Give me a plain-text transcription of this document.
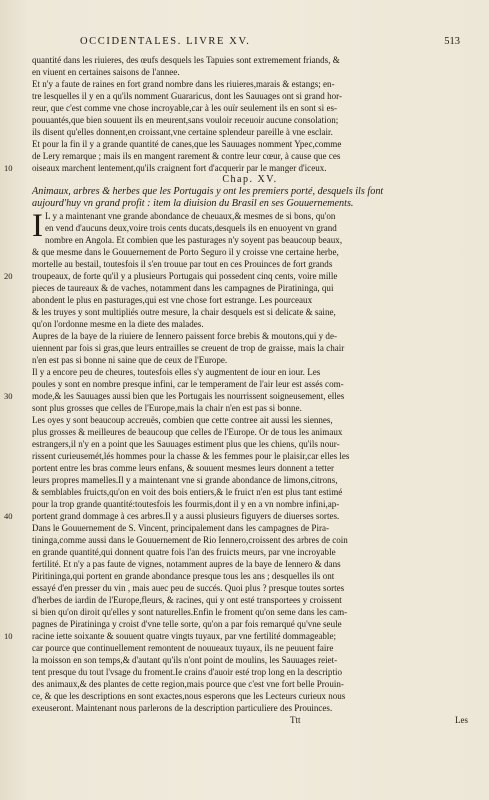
OCCIDENTALES. LIVRE XV.	513
quantité dans les riuieres, des œufs desquels les Tapuies sont extremement friands, &
en viuent en certaines saisons de l'annee.
Et n'y a faute de raines en fort grand nombre dans les riuieres,marais & estangs; en-
tre lesquelles il y en a qu'ils nomment Guararicus, dont les Sauuages ont si grand hor-
reur, que c'est comme vne chose incroyable,car à les ouïr seulement ils en sont si es-
pouuantés,que bien souuent ils en meurent,sans vouloir receuoir aucune consolation;
ils disent qu'elles donnent,en croissant,vne certaine splendeur pareille à vne esclair.
Et pour la fin il y a grande quantité de canes,que les Sauuages nomment Ypec,comme
de Lery remarque ; mais ils en mangent rarement & contre leur cœur, à cause que ces
10 oiseaux marchent lentement,qu'ils craignent fort d'acquerir par le manger d'iceux.
Chap. XV.
Animaux, arbres & herbes que les Portugais y ont les premiers porté, desquels ils font
aujourd'huy vn grand profit : item la diuision du Brasil en ses Gouuernements.
I L y a maintenant vne grande abondance de cheuaux,& mesmes de si bons, qu'on
en vend d'aucuns deux,voire trois cents ducats,desquels ils en enuoyent vn grand
nombre en Angola. Et combien que les pasturages n'y soyent pas beaucoup beaux,
& que mesme dans le Gouuernement de Porto Seguro il y croisse vne certaine herbe,
mortelle au bestail, toutesfois il s'en trouue par tout en ces Prouinces de fort grands
20 troupeaux, de forte qu'il y a plusieurs Portugais qui possedent cinq cents, voire mille
pieces de taureaux & de vaches, notamment dans les campagnes de Piratininga, qui
abondent le plus en pasturages,qui est vne chose fort estrange. Les pourceaux
& les truyes y sont multipliés outre mesure, la chair desquels est si delicate & saine,
qu'on l'ordonne mesme en la diete des malades.
Aupres de la baye de la riuiere de Iennero paissent force brebis & moutons,qui y de-
uiennent par fois si gras,que leurs entrailles se creuent de trop de graisse, mais la chair
n'en est pas si bonne ni saine que de ceux de l'Europe.
Il y a encore peu de cheures, toutesfois elles s'y augmentent de iour en iour. Les
poules y sont en nombre presque infini, car le temperament de l'air leur est assés com-
30 mode,& les Sauuages aussi bien que les Portugais les nourrissent soigneusement, elles
sont plus grosses que celles de l'Europe,mais la chair n'en est pas si bonne.
Les oyes y sont beaucoup accreuës, combien que cette contree ait aussi les siennes,
plus grosses & meilleures de beaucoup que celles de l'Europe. Or de tous les animaux
estrangers,il n'y en a point que les Sauuages estiment plus que les chiens, qu'ils nour-
rissent curieusemét,lés hommes pour la chasse & les femmes pour le plaisir,car elles les
portent entre les bras comme leurs enfans, & souuent mesmes leurs donnent a tetter
leurs propres mamelles.Il y a maintenant vne si grande abondance de limons,citrons,
& semblables fruicts,qu'on en voit des bois entiers,& le fruict n'en est plus tant estimé
pour la trop grande quantité:toutesfois les fourmis,dont il y en a vn nombre infini,ap-
40 portent grand dommage à ces arbres.Il y a aussi plusieurs figuyers de diuerses sortes.
Dans le Gouuernement de S. Vincent, principalement dans les campagnes de Pira-
tininga,comme aussi dans le Gouuernement de Rio Iennero,croissent des arbres de coin
en grande quantité,qui donnent quatre fois l'an des fruicts meurs, par vne incroyable
fertilité. Et n'y a pas faute de vignes, notamment aupres de la baye de Iennero & dans
Piritininga,qui portent en grande abondance presque tous les ans ; desquelles ils ont
essayé d'en presser du vin , mais auec peu de succés. Quoi plus ? presque toutes sortes
d'herbes de iardin de l'Europe,fleurs, & racines, qui y ont esté transportees y croissent
si bien qu'on diroit qu'elles y sont naturelles.Enfin le froment qu'on seme dans les cam-
pagnes de Piratininga y croist d'vne telle sorte, qu'on a par fois remarqué qu'vne seule
10 racine iette soixante & souuent quatre vingts tuyaux, par vne fertilité dommageable;
car pource que continuellement remontent de nouueaux tuyaux, ils ne peuuent faire
la moisson en son temps,& d'autant qu'ils n'ont point de moulins, les Sauuages reiet-
tent presque du tout l'vsage du froment.Ie crains d'auoir esté trop long en la descriptio
des animaux,& des plantes de cette region,mais pource que c'est vne fort belle Prouin-
ce, & que les descriptions en sont exactes,nous esperons que les Lecteurs curieux nous
exeuseront. Maintenant nous parlerons de la description particuliere des Prouinces.
Ttt	Les
